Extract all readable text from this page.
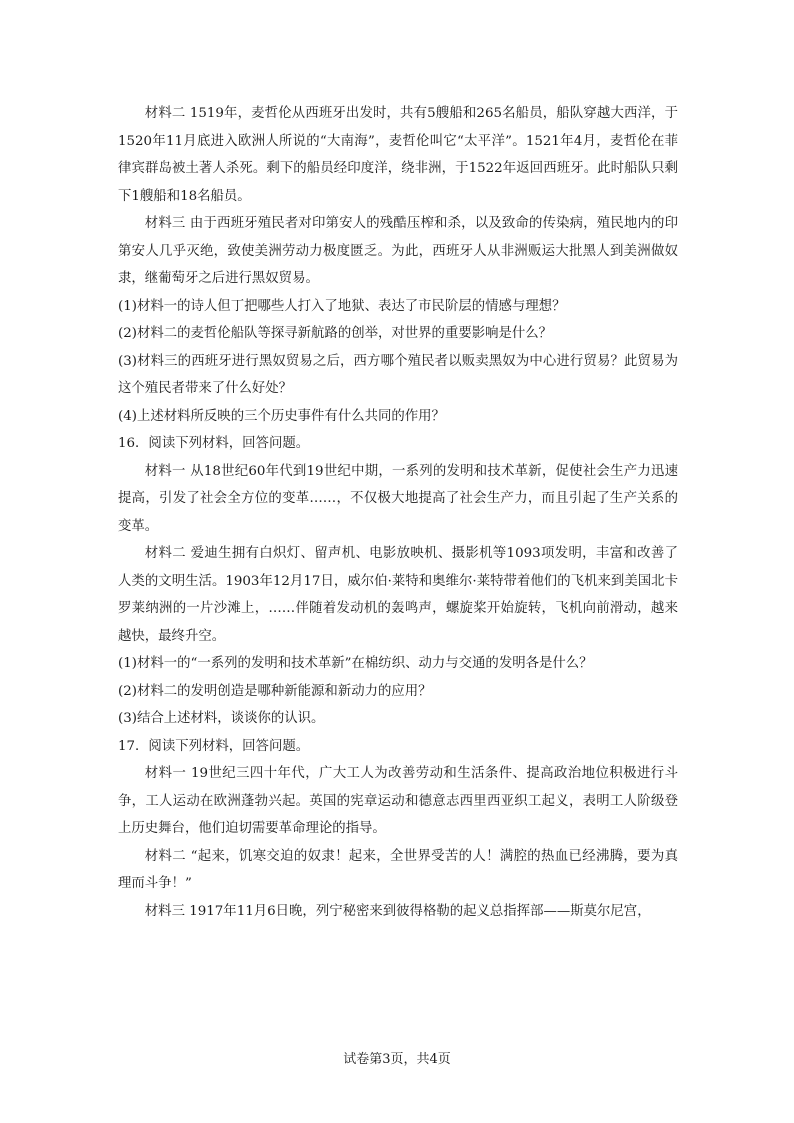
材料二 1519年，麦哲伦从西班牙出发时，共有5艘船和265名船员，船队穿越大西洋，于1520年11月底进入欧洲人所说的“大南海”，麦哲伦叫它“太平洋”。1521年4月，麦哲伦在菲律宾群岛被土著人杀死。剩下的船员经印度洋，绕非洲，于1522年返回西班牙。此时船队只剩下1艘船和18名船员。

材料三 由于西班牙殖民者对印第安人的残酷压榨和杀，以及致命的传染病，殖民地内的印第安人几乎灭绝，致使美洲劳动力极度匮乏。为此，西班牙人从非洲贩运大批黑人到美洲做奴隶，继葡萄牙之后进行黑奴贸易。

(1)材料一的诗人但丁把哪些人打入了地狱、表达了市民阶层的情感与理想？

(2)材料二的麦哲伦船队等探寻新航路的创举，对世界的重要影响是什么？

(3)材料三的西班牙进行黑奴贸易之后，西方哪个殖民者以贩卖黑奴为中心进行贸易？此贸易为这个殖民者带来了什么好处？

(4)上述材料所反映的三个历史事件有什么共同的作用？

16．阅读下列材料，回答问题。

材料一 从18世纪60年代到19世纪中期，一系列的发明和技术革新，促使社会生产力迅速提高，引发了社会全方位的变革……，不仅极大地提高了社会生产力，而且引起了生产关系的变革。

材料二 爱迪生拥有白炽灯、留声机、电影放映机、摄影机等1093项发明，丰富和改善了人类的文明生活。1903年12月17日，威尔伯·莱特和奥维尔·莱特带着他们的飞机来到美国北卡罗莱纳洲的一片沙滩上，……伴随着发动机的轰鸣声，螺旋桨开始旋转，飞机向前滑动，越来越快，最终升空。

(1)材料一的“一系列的发明和技术革新”在棉纺织、动力与交通的发明各是什么？

(2)材料二的发明创造是哪种新能源和新动力的应用？

(3)结合上述材料，谈谈你的认识。

17．阅读下列材料，回答问题。

材料一 19世纪三四十年代，广大工人为改善劳动和生活条件、提高政治地位积极进行斗争，工人运动在欧洲蓬勃兴起。英国的宪章运动和德意志西里西亚织工起义，表明工人阶级登上历史舞台，他们迫切需要革命理论的指导。

材料二 “起来，饥寒交迫的奴隶！起来，全世界受苦的人！满腔的热血已经沸腾，要为真理而斗争！”

材料三 1917年11月6日晚，列宁秘密来到彼得格勒的起义总指挥部——斯莫尔尼宫，

试卷第3页，共4页
